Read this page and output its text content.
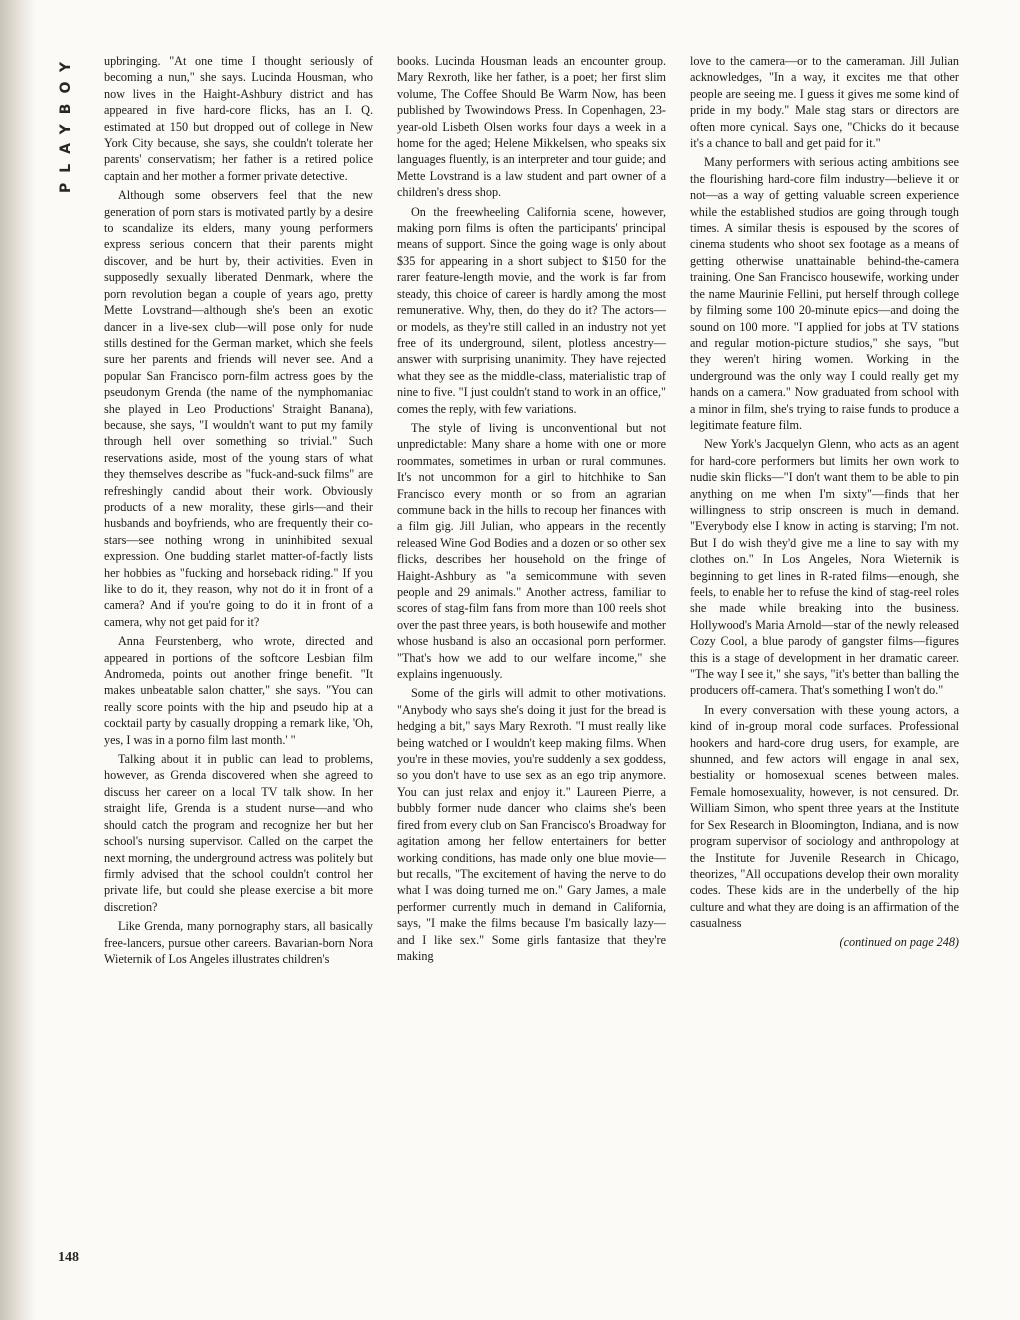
PLAYBOY upbringing. "At one time I thought seriously of becoming a nun," she says. Lucinda Housman, who now lives in the Haight-Ashbury district and has appeared in five hard-core flicks, has an I. Q. estimated at 150 but dropped out of college in New York City because, she says, she couldn't tolerate her parents' conservatism; her father is a retired police captain and her mother a former private detective.

Although some observers feel that the new generation of porn stars is motivated partly by a desire to scandalize its elders, many young performers express serious concern that their parents might discover, and be hurt by, their activities. Even in supposedly sexually liberated Denmark, where the porn revolution began a couple of years ago, pretty Mette Lovstrand—although she's been an exotic dancer in a live-sex club—will pose only for nude stills destined for the German market, which she feels sure her parents and friends will never see. And a popular San Francisco porn-film actress goes by the pseudonym Grenda (the name of the nymphomaniac she played in Leo Productions' Straight Banana), because, she says, "I wouldn't want to put my family through hell over something so trivial." Such reservations aside, most of the young stars of what they themselves describe as "fuck-and-suck films" are refreshingly candid about their work. Obviously products of a new morality, these girls—and their husbands and boyfriends, who are frequently their co-stars—see nothing wrong in uninhibited sexual expression. One budding starlet matter-of-factly lists her hobbies as "fucking and horseback riding." If you like to do it, they reason, why not do it in front of a camera? And if you're going to do it in front of a camera, why not get paid for it?

Anna Feurstenberg, who wrote, directed and appeared in portions of the softcore Lesbian film Andromeda, points out another fringe benefit. "It makes unbeatable salon chatter," she says. "You can really score points with the hip and pseudo hip at a cocktail party by casually dropping a remark like, 'Oh, yes, I was in a porno film last month.' "

Talking about it in public can lead to problems, however, as Grenda discovered when she agreed to discuss her career on a local TV talk show. In her straight life, Grenda is a student nurse—and who should catch the program and recognize her but her school's nursing supervisor. Called on the carpet the next morning, the underground actress was politely but firmly advised that the school couldn't control her private life, but could she please exercise a bit more discretion?

Like Grenda, many pornography stars, all basically free-lancers, pursue other careers. Bavarian-born Nora Wieternik of Los Angeles illustrates children's

books. Lucinda Housman leads an encounter group. Mary Rexroth, like her father, is a poet; her first slim volume, The Coffee Should Be Warm Now, has been published by Twowindows Press. In Copenhagen, 23-year-old Lisbeth Olsen works four days a week in a home for the aged; Helene Mikkelsen, who speaks six languages fluently, is an interpreter and tour guide; and Mette Lovstrand is a law student and part owner of a children's dress shop.

On the freewheeling California scene, however, making porn films is often the participants' principal means of support. Since the going wage is only about $35 for appearing in a short subject to $150 for the rarer feature-length movie, and the work is far from steady, this choice of career is hardly among the most remunerative. Why, then, do they do it? The actors—or models, as they're still called in an industry not yet free of its underground, silent, plotless ancestry—answer with surprising unanimity. They have rejected what they see as the middle-class, materialistic trap of nine to five. "I just couldn't stand to work in an office," comes the reply, with few variations.

The style of living is unconventional but not unpredictable: Many share a home with one or more roommates, sometimes in urban or rural communes. It's not uncommon for a girl to hitchhike to San Francisco every month or so from an agrarian commune back in the hills to recoup her finances with a film gig. Jill Julian, who appears in the recently released Wine God Bodies and a dozen or so other sex flicks, describes her household on the fringe of Haight-Ashbury as "a semicommune with seven people and 29 animals." Another actress, familiar to scores of stag-film fans from more than 100 reels shot over the past three years, is both housewife and mother whose husband is also an occasional porn performer. "That's how we add to our welfare income," she explains ingenuously.

Some of the girls will admit to other motivations. "Anybody who says she's doing it just for the bread is hedging a bit," says Mary Rexroth. "I must really like being watched or I wouldn't keep making films. When you're in these movies, you're suddenly a sex goddess, so you don't have to use sex as an ego trip anymore. You can just relax and enjoy it." Laureen Pierre, a bubbly former nude dancer who claims she's been fired from every club on San Francisco's Broadway for agitation among her fellow entertainers for better working conditions, has made only one blue movie—but recalls, "The excitement of having the nerve to do what I was doing turned me on." Gary James, a male performer currently much in demand in California, says, "I make the films because I'm basically lazy—and I like sex." Some girls fantasize that they're making

love to the camera—or to the cameraman. Jill Julian acknowledges, "In a way, it excites me that other people are seeing me. I guess it gives me some kind of pride in my body." Male stag stars or directors are often more cynical. Says one, "Chicks do it because it's a chance to ball and get paid for it."

Many performers with serious acting ambitions see the flourishing hard-core film industry—believe it or not—as a way of getting valuable screen experience while the established studios are going through tough times. A similar thesis is espoused by the scores of cinema students who shoot sex footage as a means of getting otherwise unattainable behind-the-camera training. One San Francisco housewife, working under the name Maurinie Fellini, put herself through college by filming some 100 20-minute epics—and doing the sound on 100 more. "I applied for jobs at TV stations and regular motion-picture studios," she says, "but they weren't hiring women. Working in the underground was the only way I could really get my hands on a camera." Now graduated from school with a minor in film, she's trying to raise funds to produce a legitimate feature film.

New York's Jacquelyn Glenn, who acts as an agent for hard-core performers but limits her own work to nudie skin flicks—"I don't want them to be able to pin anything on me when I'm sixty"—finds that her willingness to strip onscreen is much in demand. "Everybody else I know in acting is starving; I'm not. But I do wish they'd give me a line to say with my clothes on." In Los Angeles, Nora Wieternik is beginning to get lines in R-rated films—enough, she feels, to enable her to refuse the kind of stag-reel roles she made while breaking into the business. Hollywood's Maria Arnold—star of the newly released Cozy Cool, a blue parody of gangster films—figures this is a stage of development in her dramatic career. "The way I see it," she says, "it's better than balling the producers off-camera. That's something I won't do."

In every conversation with these young actors, a kind of in-group moral code surfaces. Professional hookers and hard-core drug users, for example, are shunned, and few actors will engage in anal sex, bestiality or homosexual scenes between males. Female homosexuality, however, is not censured. Dr. William Simon, who spent three years at the Institute for Sex Research in Bloomington, Indiana, and is now program supervisor of sociology and anthropology at the Institute for Juvenile Research in Chicago, theorizes, "All occupations develop their own morality codes. These kids are in the underbelly of the hip culture and what they are doing is an affirmation of the casualness

(continued on page 248)
148
